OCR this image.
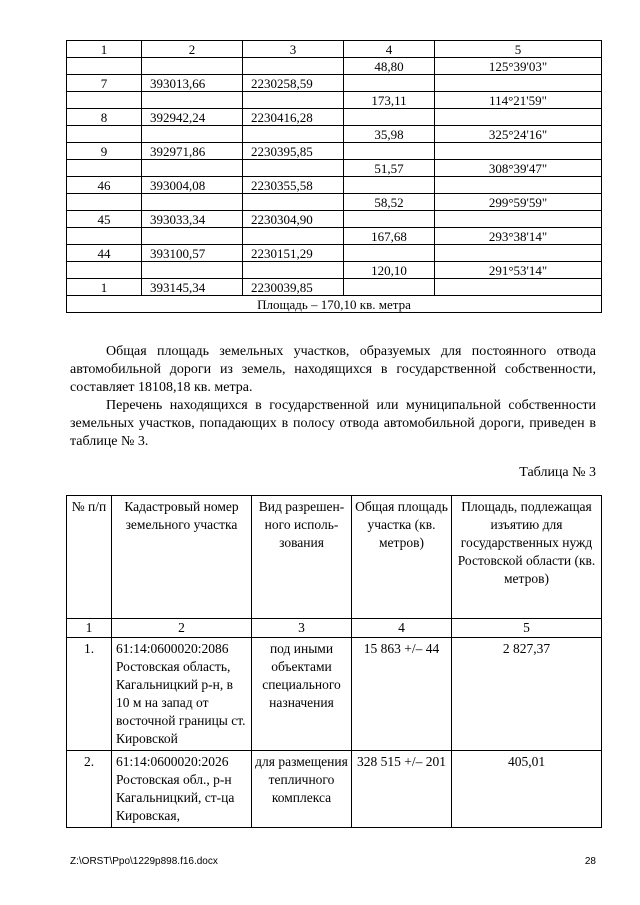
1	2	3	4	5
			48,80	125°39'03"
7	393013,66	2230258,59		
			173,11	114°21'59"
8	392942,24	2230416,28		
			35,98	325°24'16"
9	392971,86	2230395,85		
			51,57	308°39'47"
46	393004,08	2230355,58		
			58,52	299°59'59"
45	393033,34	2230304,90		
			167,68	293°38'14"
44	393100,57	2230151,29		
			120,10	291°53'14"
1	393145,34	2230039,85		
Площадь – 170,10 кв. метра				

Общая площадь земельных участков, образуемых для постоянного отвода автомобильной дороги из земель, находящихся в государственной собственности, составляет 18108,18 кв. метра.

Перечень находящихся в государственной или муниципальной собственности земельных участков, попадающих в полосу отвода автомобильной дороги, приведен в таблице № 3.

Таблица № 3
№ п/п	Кадастровый номер земельного участка	Вид разрешен-ного исполь-зования	Общая площадь участка (кв. метров)	Площадь, подлежащая изъятию для государственных нужд Ростовской области (кв. метров)
1	2	3	4	5
1.	61:14:0600020:2086 Ростовская область, Кагальницкий р-н, в 10 м на запад от восточной границы ст. Кировской	под иными объектами специального назначения	15 863 +/– 44	2 827,37
2.	61:14:0600020:2026 Ростовская обл., р-н Кагальницкий, ст-ца Кировская,	для размещения тепличного комплекса	328 515 +/– 201	405,01
Z:\ORST\Ppo\1229p898.f16.docx	28
